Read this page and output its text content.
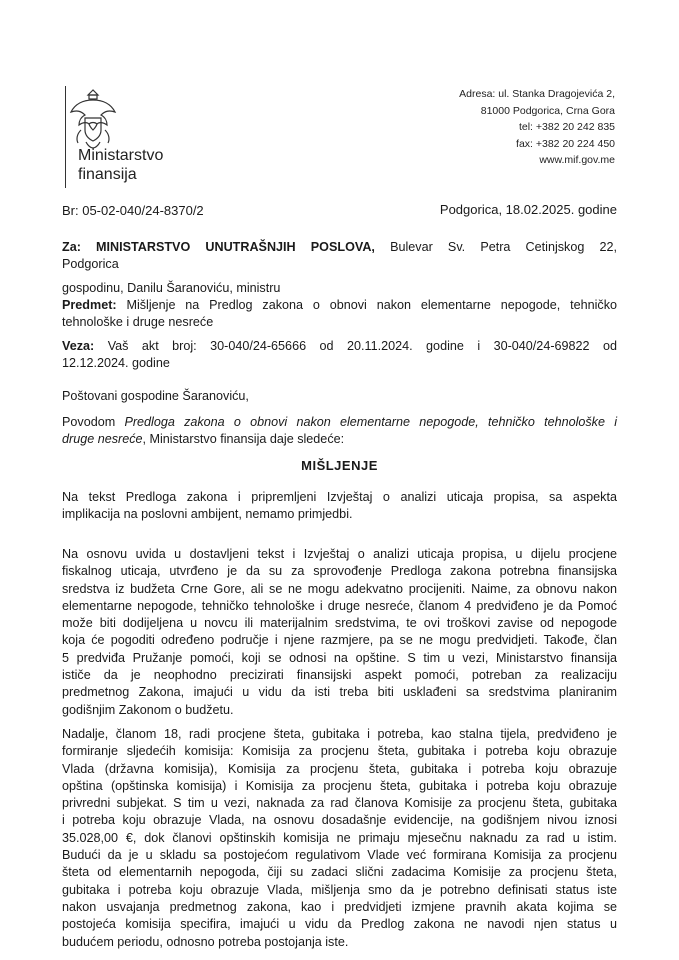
Ministarstvo
finansija
Adresa: ul. Stanka Dragojevića 2,
81000 Podgorica, Crna Gora
tel: +382 20 242 835
fax: +382 20 224 450
www.mif.gov.me
Br: 05-02-040/24-8370/2	Podgorica, 18.02.2025. godine
Za: MINISTARSTVO UNUTRAŠNJIH POSLOVA, Bulevar Sv. Petra Cetinjskog 22,
Podgorica
gospodinu, Danilu Šaranoviću, ministru
Predmet: Mišljenje na Predlog zakona o obnovi nakon elementarne nepogode, tehničko
tehnološke i druge nesreće
Veza: Vaš akt broj: 30-040/24-65666 od 20.11.2024. godine i 30-040/24-69822 od
12.12.2024. godine
Poštovani gospodine Šaranoviću,
Povodom Predloga zakona o obnovi nakon elementarne nepogode, tehničko tehnološke i
druge nesreće, Ministarstvo finansija daje sledeće:
MIŠLJENJE
Na tekst Predloga zakona i pripremljeni Izvještaj o analizi uticaja propisa, sa aspekta
implikacija na poslovni ambijent, nemamo primjedbi.
Na osnovu uvida u dostavljeni tekst i Izvještaj o analizi uticaja propisa, u dijelu procjene
fiskalnog uticaja, utvrđeno je da su za sprovođenje Predloga zakona potrebna finansijska
sredstva iz budžeta Crne Gore, ali se ne mogu adekvatno procijeniti. Naime, za obnovu nakon
elementarne nepogode, tehničko tehnološke i druge nesreće, članom 4 predviđeno je da Pomoć
može biti dodijeljena u novcu ili materijalnim sredstvima, te ovi troškovi zavise od nepogode
koja će pogoditi određeno područje i njene razmjere, pa se ne mogu predvidjeti. Takođe, član
5 predviđa Pružanje pomoći, koji se odnosi na opštine. S tim u vezi, Ministarstvo finansija
ističe da je neophodno precizirati finansijski aspekt pomoći, potreban za realizaciju
predmetnog Zakona, imajući u vidu da isti treba biti usklađeni sa sredstvima planiranim
godišnjim Zakonom o budžetu.
Nadalje, članom 18, radi procjene šteta, gubitaka i potreba, kao stalna tijela, predviđeno je
formiranje sljedećih komisija: Komisija za procjenu šteta, gubitaka i potreba koju obrazuje
Vlada (državna komisija), Komisija za procjenu šteta, gubitaka i potreba koju obrazuje
opština (opštinska komisija) i Komisija za procjenu šteta, gubitaka i potreba koju obrazuje
privredni subjekat. S tim u vezi, naknada za rad članova Komisije za procjenu šteta, gubitaka
i potreba koju obrazuje Vlada, na osnovu dosadašnje evidencije, na godišnjem nivou iznosi
35.028,00 €, dok članovi opštinskih komisija ne primaju mjesečnu naknadu za rad u istim.
Budući da je u skladu sa postojećom regulativom Vlade već formirana Komisija za procjenu
šteta od elementarnih nepogoda, čiji su zadaci slični zadacima Komisije za procjenu šteta,
gubitaka i potreba koju obrazuje Vlada, mišljenja smo da je potrebno definisati status iste
nakon usvajanja predmetnog zakona, kao i predvidjeti izmjene pravnih akata kojima se
postojeća komisija specifira, imajući u vidu da Predlog zakona ne navodi njen status u
budućem periodu, odnosno potreba postojanja iste.
